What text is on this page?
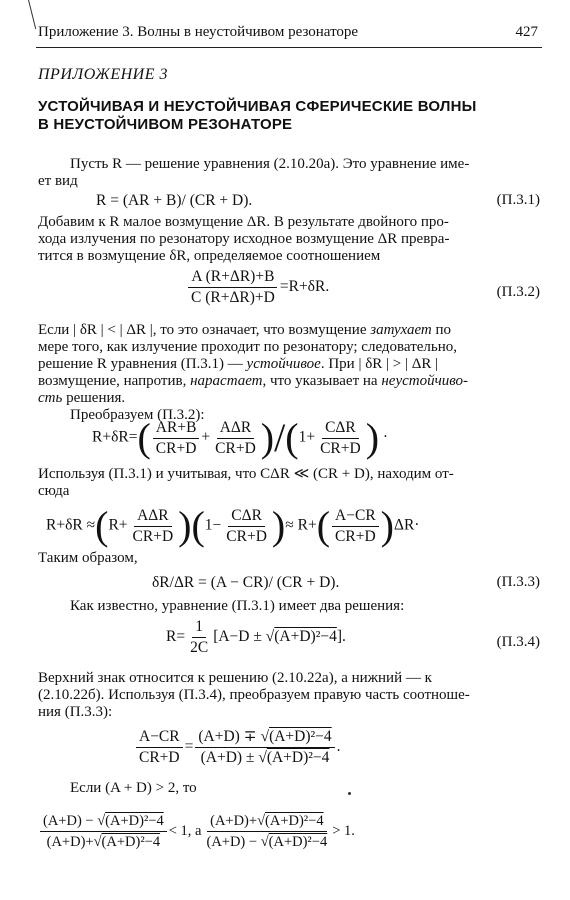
Приложение 3. Волны в неустойчивом резонаторе	427
ПРИЛОЖЕНИЕ 3
УСТОЙЧИВАЯ И НЕУСТОЙЧИВАЯ СФЕРИЧЕСКИЕ ВОЛНЫ
В НЕУСТОЙЧИВОМ РЕЗОНАТОРЕ
Пусть R — решение уравнения (2.10.20а). Это уравнение име-
ет вид
R = (AR + B)/ (CR + D).	(П.3.1)
Добавим к R малое возмущение ΔR. В результате двойного про-
хода излучения по резонатору исходное возмущение ΔR превра-
тится в возмущение δR, определяемое соотношением
$\frac{A (R+\Delta R)+B}{C (R+\Delta R)+D} =R+\delta R$.	(П.3.2)
Если | δR | < | ΔR |, то это означает, что возмущение затухает по
мере того, как излучение проходит по резонатору; следовательно,
решение R уравнения (П.3.1) — устойчивое. При | δR | > | ΔR |
возмущение, напротив, нарастает, что указывает на неустойчиво-
сть решения.
Преобразуем (П.3.2):
$R+\delta R=( \frac{AR+B}{CR+D} + \frac{\text{AΔR}}{CR+D} )/(1+ \frac{\text{CΔR}}{CR+D}$ ) ·
Используя (П.3.1) и учитывая, что CΔR ≪ (CR + D), находим от-
сюда
$R+\delta R \approx(R+ \frac{\text{AΔR}}{CR+D} )(1- \frac{\text{CΔR}}{CR+D}$ )≈ $R+( \frac{A-CR}{CR+D} )\Delta R\cdot$
Таким образом,
δR/ΔR = (A − CR)/ (CR + D).	(П.3.3)
Как известно, уравнение (П.3.1) имеет два решения:
$R= \frac{1}{2C} [A-D \pm √(A+D)^2-4]$.	(П.3.4)
Верхний знак относится к решению (2.10.22а), а нижний — к
(2.10.22б). Используя (П.3.4), преобразуем правую часть соотноше-
ния (П.3.3):
$\frac{A-CR}{CR+D} = \frac{\text{(A+D) ∓ √(A+D)²−4}}{\text{(A+D) ± √(A+D)²−4}}$ .
Если (A + D) > 2, то
$\frac{\text{(A+D) − √(A+D)²−4}}{\text{(A+D)+√(A+D)²−4}} < 1$, а $\frac{\text{(A+D)+√(A+D)²−4}}{\text{(A+D) − √(A+D)²−4}} > 1$.
